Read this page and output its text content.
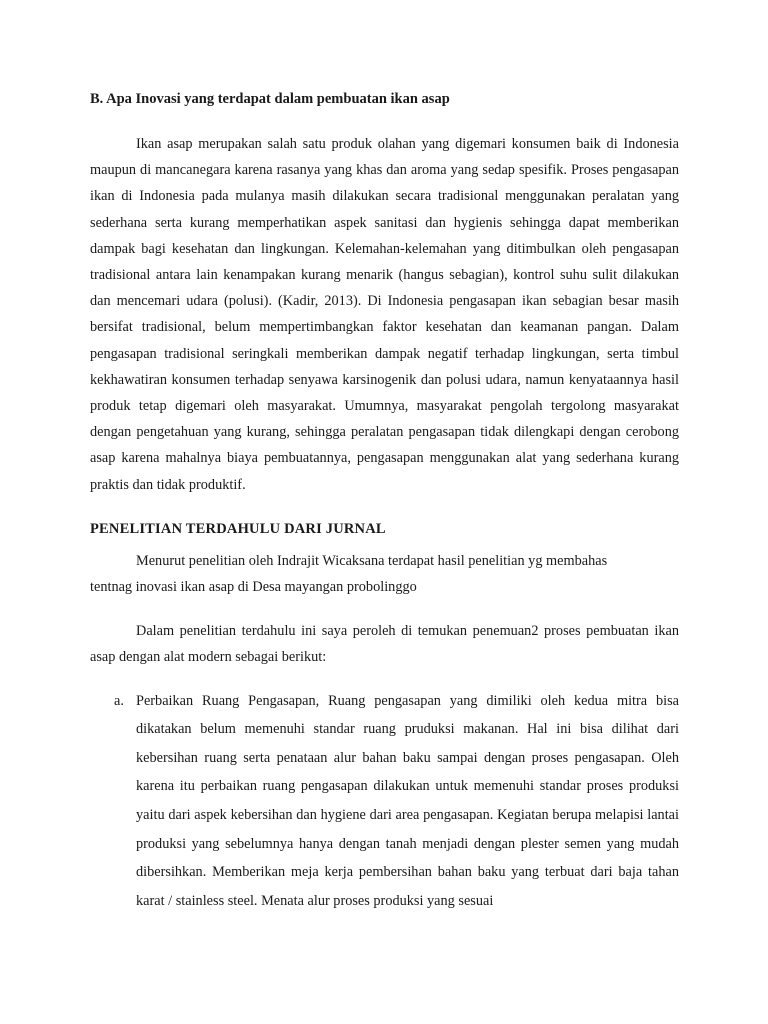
B. Apa Inovasi yang terdapat dalam pembuatan ikan asap

Ikan asap merupakan salah satu produk olahan yang digemari konsumen baik di Indonesia maupun di mancanegara karena rasanya yang khas dan aroma yang sedap spesifik. Proses pengasapan ikan di Indonesia pada mulanya masih dilakukan secara tradisional menggunakan peralatan yang sederhana serta kurang memperhatikan aspek sanitasi dan hygienis sehingga dapat memberikan dampak bagi kesehatan dan lingkungan. Kelemahan-kelemahan yang ditimbulkan oleh pengasapan tradisional antara lain kenampakan kurang menarik (hangus sebagian), kontrol suhu sulit dilakukan dan mencemari udara (polusi). (Kadir, 2013). Di Indonesia pengasapan ikan sebagian besar masih bersifat tradisional, belum mempertimbangkan faktor kesehatan dan keamanan pangan. Dalam pengasapan tradisional seringkali memberikan dampak negatif terhadap lingkungan, serta timbul kekhawatiran konsumen terhadap senyawa karsinogenik dan polusi udara, namun kenyataannya hasil produk tetap digemari oleh masyarakat. Umumnya, masyarakat pengolah tergolong masyarakat dengan pengetahuan yang kurang, sehingga peralatan pengasapan tidak dilengkapi dengan cerobong asap karena mahalnya biaya pembuatannya, pengasapan menggunakan alat yang sederhana kurang praktis dan tidak produktif.

PENELITIAN TERDAHULU DARI JURNAL

Menurut penelitian oleh Indrajit Wicaksana terdapat hasil penelitian yg membahas
tentnag inovasi ikan asap di Desa mayangan probolinggo

Dalam penelitian terdahulu ini saya peroleh di temukan penemuan2 proses pembuatan ikan asap dengan alat modern sebagai berikut:

a. Perbaikan Ruang Pengasapan, Ruang pengasapan yang dimiliki oleh kedua mitra bisa dikatakan belum memenuhi standar ruang pruduksi makanan. Hal ini bisa dilihat dari kebersihan ruang serta penataan alur bahan baku sampai dengan proses pengasapan. Oleh karena itu perbaikan ruang pengasapan dilakukan untuk memenuhi standar proses produksi yaitu dari aspek kebersihan dan hygiene dari area pengasapan. Kegiatan berupa melapisi lantai produksi yang sebelumnya hanya dengan tanah menjadi dengan plester semen yang mudah dibersihkan. Memberikan meja kerja pembersihan bahan baku yang terbuat dari baja tahan karat / stainless steel. Menata alur proses produksi yang sesuai
